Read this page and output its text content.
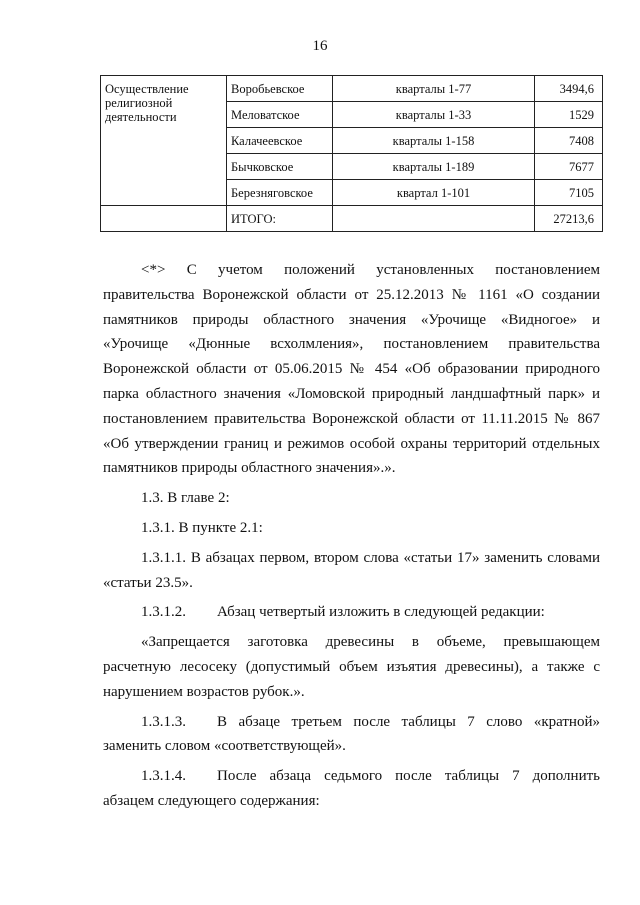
16
Осуществление религиозной деятельности	Воробьевское	кварталы 1-77	3494,6
	Меловатское	кварталы 1-33	1529
	Калачеевское	кварталы 1-158	7408
	Бычковское	кварталы 1-189	7677
	Березняговское	квартал 1-101	7105
	ИТОГО:		27213,6

<*> С учетом положений установленных постановлением

правительства Воронежской области от 25.12.2013 № 1161 «О создании

памятников природы областного значения «Урочище «Видногое» и

«Урочище «Дюнные всхолмления», постановлением правительства

Воронежской области от 05.06.2015 № 454 «Об образовании природного

парка областного значения «Ломовской природный ландшафтный парк» и

постановлением правительства Воронежской области от 11.11.2015 № 867

«Об утверждении границ и режимов особой охраны территорий отдельных

памятников природы областного значения».».

1.3. В главе 2:

1.3.1. В пункте 2.1:

1.3.1.1. В абзацах первом, втором слова «статьи 17» заменить словами

«статьи 23.5».

1.3.1.2.	Абзац четвертый изложить в следующей редакции:

«Запрещается заготовка древесины в объеме, превышающем

расчетную лесосеку (допустимый объем изъятия древесины), а также с

нарушением возрастов рубок.».

1.3.1.3.	В абзаце третьем после таблицы 7 слово «кратной»

заменить словом «соответствующей».

1.3.1.4.	После абзаца седьмого после таблицы 7 дополнить

абзацем следующего содержания:
